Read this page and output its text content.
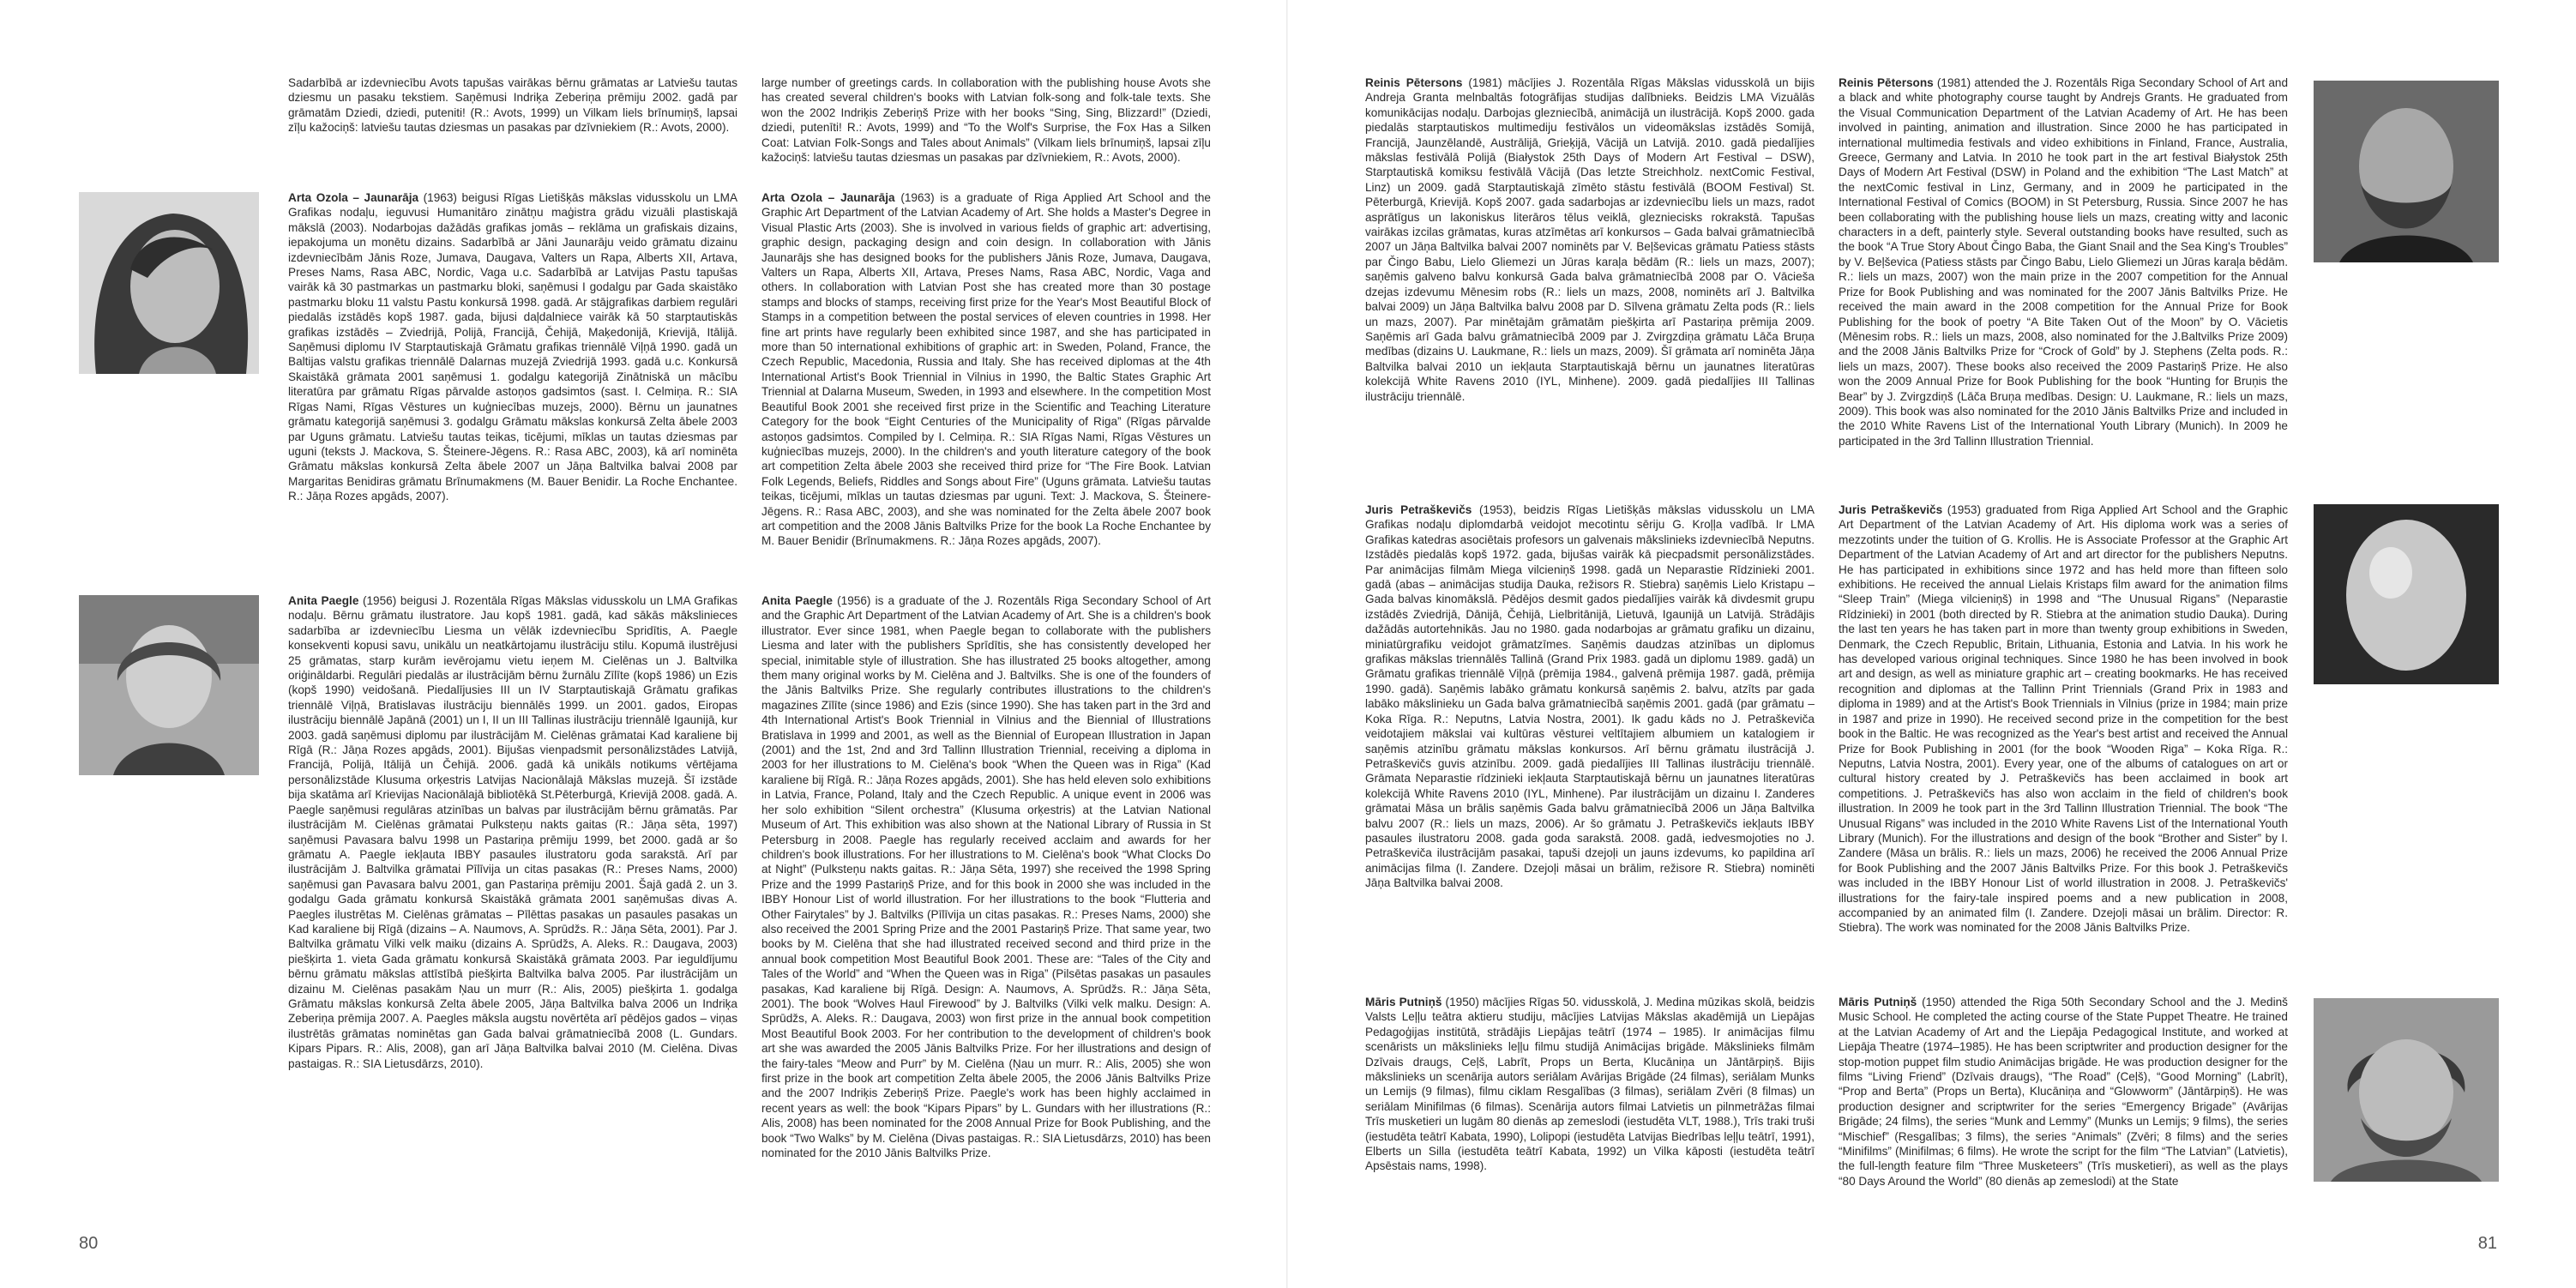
Sadarbībā ar izdevniecību Avots tapušas vairākas bērnu grāmatas ar Latviešu tautas dziesmu un pasaku tekstiem. Saņēmusi Indriķa Zeberiņa prēmiju 2002. gadā par grāmatām Dziedi, dziedi, puteniti! (R.: Avots, 1999) un Vilkam liels brīnumiņš, lapsai zīļu kažociņš: latviešu tautas dziesmas un pasakas par dzīvniekiem (R.: Avots, 2000).

large number of greetings cards. In collaboration with the publishing house Avots she has created several children's books with Latvian folk-song and folk-tale texts. She won the 2002 Indriķis Zeberiņš Prize with her books “Sing, Sing, Blizzard!” (Dziedi, dziedi, putenīti! R.: Avots, 1999) and “To the Wolf's Surprise, the Fox Has a Silken Coat: Latvian Folk-Songs and Tales about Animals” (Vilkam liels brīnumiņš, lapsai zīļu kažociņš: latviešu tautas dziesmas un pasakas par dzīvniekiem, R.: Avots, 2000).

Arta Ozola – Jaunarāja (1963) beigusi Rīgas Lietišķās mākslas vidusskolu un LMA Grafikas nodaļu, ieguvusi Humanitāro zinātņu maģistra grādu vizuāli plastiskajā mākslā (2003). Nodarbojas dažādās grafikas jomās – reklāma un grafiskais dizains, iepakojuma un monētu dizains. Sadarbībā ar Jāni Jaunarāju veido grāmatu dizainu izdevniecībām Jānis Roze, Jumava, Daugava, Valters un Rapa, Alberts XII, Artava, Preses Nams, Rasa ABC, Nordic, Vaga u.c. Sadarbībā ar Latvijas Pastu tapušas vairāk kā 30 pastmarkas un pastmarku bloki, saņēmusi I godalgu par Gada skaistāko pastmarku bloku 11 valstu Pastu konkursā 1998. gadā. Ar stājgrafikas darbiem regulāri piedalās izstādēs kopš 1987. gada, bijusi daļdalniece vairāk kā 50 starptautiskās grafikas izstādēs – Zviedrijā, Polijā, Francijā, Čehijā, Maķedonijā, Krievijā, Itālijā. Saņēmusi diplomu IV Starptautiskajā Grāmatu grafikas triennālē Viļņā 1990. gadā un Baltijas valstu grafikas triennālē Dalarnas muzejā Zviedrijā 1993. gadā u.c. Konkursā Skaistākā grāmata 2001 saņēmusi 1. godalgu kategorijā Zinātniskā un mācību literatūra par grāmatu Rīgas pārvalde astoņos gadsimtos (sast. I. Celmiņa. R.: SIA Rīgas Nami, Rīgas Vēstures un kuģniecības muzejs, 2000). Bērnu un jaunatnes grāmatu kategorijā saņēmusi 3. godalgu Grāmatu mākslas konkursā Zelta ābele 2003 par Uguns grāmatu. Latviešu tautas teikas, ticējumi, mīklas un tautas dziesmas par uguni (teksts J. Mackova, S. Šteinere-Jēgens. R.: Rasa ABC, 2003), kā arī nominēta Grāmatu mākslas konkursā Zelta ābele 2007 un Jāņa Baltvilka balvai 2008 par Margaritas Benidiras grāmatu Brīnumakmens (M. Bauer Benidir. La Roche Enchantee. R.: Jāņa Rozes apgāds, 2007).

Arta Ozola – Jaunarāja (1963) is a graduate of Riga Applied Art School and the Graphic Art Department of the Latvian Academy of Art. She holds a Master's Degree in Visual Plastic Arts (2003). She is involved in various fields of graphic art: advertising, graphic design, packaging design and coin design. In collaboration with Jānis Jaunarājs she has designed books for the publishers Jānis Roze, Jumava, Daugava, Valters un Rapa, Alberts XII, Artava, Preses Nams, Rasa ABC, Nordic, Vaga and others. In collaboration with Latvian Post she has created more than 30 postage stamps and blocks of stamps, receiving first prize for the Year's Most Beautiful Block of Stamps in a competition between the postal services of eleven countries in 1998. Her fine art prints have regularly been exhibited since 1987, and she has participated in more than 50 international exhibitions of graphic art: in Sweden, Poland, France, the Czech Republic, Macedonia, Russia and Italy. She has received diplomas at the 4th International Artist's Book Triennial in Vilnius in 1990, the Baltic States Graphic Art Triennial at Dalarna Museum, Sweden, in 1993 and elsewhere. In the competition Most Beautiful Book 2001 she received first prize in the Scientific and Teaching Literature Category for the book “Eight Centuries of the Municipality of Riga” (Rīgas pārvalde astoņos gadsimtos. Compiled by I. Celmiņa. R.: SIA Rīgas Nami, Rīgas Vēstures un kuģniecības muzejs, 2000). In the children's and youth literature category of the book art competition Zelta ābele 2003 she received third prize for “The Fire Book. Latvian Folk Legends, Beliefs, Riddles and Songs about Fire” (Uguns grāmata. Latviešu tautas teikas, ticējumi, mīklas un tautas dziesmas par uguni. Text: J. Mackova, S. Šteinere-Jēgens. R.: Rasa ABC, 2003), and she was nominated for the Zelta ābele 2007 book art competition and the 2008 Jānis Baltvilks Prize for the book La Roche Enchantee by M. Bauer Benidir (Brīnumakmens. R.: Jāņa Rozes apgāds, 2007).

Anita Paegle (1956) beigusi J. Rozentāla Rīgas Mākslas vidusskolu un LMA Grafikas nodaļu. Bērnu grāmatu ilustratore. Jau kopš 1981. gadā, kad sākās mākslinieces sadarbība ar izdevniecību Liesma un vēlāk izdevniecību Spridītis, A. Paegle konsekventi kopusi savu, unikālu un neatkārtojamu ilustrāciju stilu. Kopumā ilustrējusi 25 grāmatas, starp kurām ievērojamu vietu ieņem M. Cielēnas un J. Baltvilka oriģināldarbi. Regulāri piedalās ar ilustrācijām bērnu žurnālu Zīlīte (kopš 1986) un Ezis (kopš 1990) veidošanā. Piedalījusies III un IV Starptautiskajā Grāmatu grafikas triennālē Viļņā, Bratislavas ilustrāciju biennālēs 1999. un 2001. gados, Eiropas ilustrāciju biennālē Japānā (2001) un I, II un III Tallinas ilustrāciju triennālē Igaunijā, kur 2003. gadā saņēmusi diplomu par ilustrācijām M. Cielēnas grāmatai Kad karaliene bij Rīgā (R.: Jāņa Rozes apgāds, 2001). Bijušas vienpadsmit personālizstādes Latvijā, Francijā, Polijā, Itālijā un Čehijā. 2006. gadā kā unikāls notikums vērtējama personālizstāde Klusuma orķestris Latvijas Nacionālajā Mākslas muzejā. Šī izstāde bija skatāma arī Krievijas Nacionālajā bibliotēkā St.Pēterburgā, Krievijā 2008. gadā. A. Paegle saņēmusi regulāras atzinības un balvas par ilustrācijām bērnu grāmatās. Par ilustrācijām M. Cielēnas grāmatai Pulksteņu nakts gaitas (R.: Jāņa sēta, 1997) saņēmusi Pavasara balvu 1998 un Pastariņa prēmiju 1999, bet 2000. gadā ar šo grāmatu A. Paegle iekļauta IBBY pasaules ilustratoru goda sarakstā. Arī par ilustrācijām J. Baltvilka grāmatai Pīlīvija un citas pasakas (R.: Preses Nams, 2000) saņēmusi gan Pavasara balvu 2001, gan Pastariņa prēmiju 2001. Šajā gadā 2. un 3. godalgu Gada grāmatu konkursā Skaistākā grāmata 2001 saņēmušas divas A. Paegles ilustrētas M. Cielēnas grāmatas – Pīlēttas pasakas un pasaules pasakas un Kad karaliene bij Rīgā (dizains – A. Naumovs, A. Sprūdžs. R.: Jāņa Sēta, 2001). Par J. Baltvilka grāmatu Vilki velk maiku (dizains A. Sprūdžs, A. Aleks. R.: Daugava, 2003) piešķirta 1. vieta Gada grāmatu konkursā Skaistākā grāmata 2003. Par ieguldījumu bērnu grāmatu mākslas attīstībā piešķirta Baltvilka balva 2005. Par ilustrācijām un dizainu M. Cielēnas pasakām Ņau un murr (R.: Alis, 2005) piešķirta 1. godalga Grāmatu mākslas konkursā Zelta ābele 2005, Jāņa Baltvilka balva 2006 un Indriķa Zeberiņa prēmija 2007. A. Paegles māksla augstu novērtēta arī pēdējos gados – viņas ilustrētās grāmatas nominētas gan Gada balvai grāmatniecībā 2008 (L. Gundars. Kipars Pipars. R.: Alis, 2008), gan arī Jāņa Baltvilka balvai 2010 (M. Cielēna. Divas pastaigas. R.: SIA Lietusdārzs, 2010).

Anita Paegle (1956) is a graduate of the J. Rozentāls Riga Secondary School of Art and the Graphic Art Department of the Latvian Academy of Art. She is a children's book illustrator. Ever since 1981, when Paegle began to collaborate with the publishers Liesma and later with the publishers Sprīdītis, she has consistently developed her special, inimitable style of illustration. She has illustrated 25 books altogether, among them many original works by M. Cielēna and J. Baltvilks. She is one of the founders of the Jānis Baltvilks Prize. She regularly contributes illustrations to the children's magazines Zīlīte (since 1986) and Ezis (since 1990). She has taken part in the 3rd and 4th International Artist's Book Triennial in Vilnius and the Biennial of Illustrations Bratislava in 1999 and 2001, as well as the Biennial of European Illustration in Japan (2001) and the 1st, 2nd and 3rd Tallinn Illustration Triennial, receiving a diploma in 2003 for her illustrations to M. Cielēna's book “When the Queen was in Riga” (Kad karaliene bij Rīgā. R.: Jāņa Rozes apgāds, 2001). She has held eleven solo exhibitions in Latvia, France, Poland, Italy and the Czech Republic. A unique event in 2006 was her solo exhibition “Silent orchestra” (Klusuma orķestris) at the Latvian National Museum of Art. This exhibition was also shown at the National Library of Russia in St Petersburg in 2008. Paegle has regularly received acclaim and awards for her children's book illustrations. For her illustrations to M. Cielēna's book “What Clocks Do at Night” (Pulksteņu nakts gaitas. R.: Jāņa Sēta, 1997) she received the 1998 Spring Prize and the 1999 Pastariņš Prize, and for this book in 2000 she was included in the IBBY Honour List of world illustration. For her illustrations to the book “Flutteria and Other Fairytales” by J. Baltvilks (Pīlīvija un citas pasakas. R.: Preses Nams, 2000) she also received the 2001 Spring Prize and the 2001 Pastariņš Prize. That same year, two books by M. Cielēna that she had illustrated received second and third prize in the annual book competition Most Beautiful Book 2001. These are: “Tales of the City and Tales of the World” and “When the Queen was in Riga” (Pilsētas pasakas un pasaules pasakas, Kad karaliene bij Rīgā. Design: A. Naumovs, A. Sprūdžs. R.: Jāņa Sēta, 2001). The book “Wolves Haul Firewood” by J. Baltvilks (Vilki velk malku. Design: A. Sprūdžs, A. Aleks. R.: Daugava, 2003) won first prize in the annual book competition Most Beautiful Book 2003. For her contribution to the development of children's book art she was awarded the 2005 Jānis Baltvilks Prize. For her illustrations and design of the fairy-tales “Meow and Purr” by M. Cielēna (Ņau un murr. R.: Alis, 2005) she won first prize in the book art competition Zelta ābele 2005, the 2006 Jānis Baltvilks Prize and the 2007 Indriķis Zeberiņš Prize. Paegle's work has been highly acclaimed in recent years as well: the book “Kipars Pipars” by L. Gundars with her illustrations (R.: Alis, 2008) has been nominated for the 2008 Annual Prize for Book Publishing, and the book “Two Walks” by M. Cielēna (Divas pastaigas. R.: SIA Lietusdārzs, 2010) has been nominated for the 2010 Jānis Baltvilks Prize.

80

Reinis Pētersons (1981) mācījies J. Rozentāla Rīgas Mākslas vidusskolā un bijis Andreja Granta melnbaltās fotogrāfijas studijas dalībnieks. Beidzis LMA Vizuālās komunikācijas nodaļu. Darbojas glezniecībā, animācijā un ilustrācijā. Kopš 2000. gada piedalās starptautiskos multimediju festivālos un videomākslas izstādēs Somijā, Francijā, Jaunzēlandē, Austrālijā, Grieķijā, Vācijā un Latvijā. 2010. gadā piedalījies mākslas festivālā Polijā (Białystok 25th Days of Modern Art Festival – DSW), Starptautiskā komiksu festivālā Vācijā (Das letzte Streichholz. nextComic Festival, Linz) un 2009. gadā Starptautiskajā zīmēto stāstu festivālā (BOOM Festival) St. Pēterburgā, Krievijā. Kopš 2007. gada sadarbojas ar izdevniecību liels un mazs, radot asprātīgus un lakoniskus literāros tēlus veiklā, glezniecisks rokrakstā. Tapušas vairākas izcilas grāmatas, kuras atzīmētas arī konkursos – Gada balvai grāmatniecībā 2007 un Jāņa Baltvilka balvai 2007 nominēts par V. Beļševicas grāmatu Patiess stāsts par Čingo Babu, Lielo Gliemezi un Jūras karaļa bēdām (R.: liels un mazs, 2007); saņēmis galveno balvu konkursā Gada balva grāmatniecībā 2008 par O. Vācieša dzejas izdevumu Mēnesim robs (R.: liels un mazs, 2008, nominēts arī J. Baltvilka balvai 2009) un Jāņa Baltvilka balvu 2008 par D. Sīlvena grāmatu Zelta pods (R.: liels un mazs, 2007). Par minētajām grāmatām piešķirta arī Pastariņa prēmija 2009. Saņēmis arī Gada balvu grāmatniecībā 2009 par J. Zvirgzdiņa grāmatu Lāča Bruņa medības (dizains U. Laukmane, R.: liels un mazs, 2009). Šī grāmata arī nominēta Jāņa Baltvilka balvai 2010 un iekļauta Starptautiskajā bērnu un jaunatnes literatūras kolekcijā White Ravens 2010 (IYL, Minhene). 2009. gadā piedalījies III Tallinas ilustrāciju triennālē.

Reinis Pētersons (1981) attended the J. Rozentāls Riga Secondary School of Art and a black and white photography course taught by Andrejs Grants. He graduated from the Visual Communication Department of the Latvian Academy of Art. He has been involved in painting, animation and illustration. Since 2000 he has participated in international multimedia festivals and video exhibitions in Finland, France, Australia, Greece, Germany and Latvia. In 2010 he took part in the art festival Białystok 25th Days of Modern Art Festival (DSW) in Poland and the exhibition “The Last Match” at the nextComic festival in Linz, Germany, and in 2009 he participated in the International Festival of Comics (BOOM) in St Petersburg, Russia. Since 2007 he has been collaborating with the publishing house liels un mazs, creating witty and laconic characters in a deft, painterly style. Several outstanding books have resulted, such as the book “A True Story About Čingo Baba, the Giant Snail and the Sea King's Troubles” by V. Beļševica (Patiess stāsts par Čingo Babu, Lielo Gliemezi un Jūras karaļa bēdām. R.: liels un mazs, 2007) won the main prize in the 2007 competition for the Annual Prize for Book Publishing and was nominated for the 2007 Jānis Baltvilks Prize. He received the main award in the 2008 competition for the Annual Prize for Book Publishing for the book of poetry “A Bite Taken Out of the Moon” by O. Vācietis (Mēnesim robs. R.: liels un mazs, 2008, also nominated for the J.Baltvilks Prize 2009) and the 2008 Jānis Baltvilks Prize for “Crock of Gold” by J. Stephens (Zelta pods. R.: liels un mazs, 2007). These books also received the 2009 Pastariņš Prize. He also won the 2009 Annual Prize for Book Publishing for the book “Hunting for Bruņis the Bear” by J. Zvirgzdiņš (Lāča Bruņa medības. Design: U. Laukmane, R.: liels un mazs, 2009). This book was also nominated for the 2010 Jānis Baltvilks Prize and included in the 2010 White Ravens List of the International Youth Library (Munich). In 2009 he participated in the 3rd Tallinn Illustration Triennial.

Juris Petraškevičs (1953), beidzis Rīgas Lietišķās mākslas vidusskolu un LMA Grafikas nodaļu diplomdarbā veidojot mecotintu sēriju G. Kroļļa vadībā. Ir LMA Grafikas katedras asociētais profesors un galvenais mākslinieks izdevniecībā Neputns. Izstādēs piedalās kopš 1972. gada, bijušas vairāk kā piecpadsmit personālizstādes. Par animācijas filmām Miega vilcieniņš 1998. gadā un Neparastie Rīdzinieki 2001. gadā (abas – animācijas studija Dauka, režisors R. Stiebra) saņēmis Lielo Kristapu – Gada balvas kinomākslā. Pēdējos desmit gados piedalījies vairāk kā divdesmit grupu izstādēs Zviedrijā, Dānijā, Čehijā, Lielbritānijā, Lietuvā, Igaunijā un Latvijā. Strādājis dažādās autortehnikās. Jau no 1980. gada nodarbojas ar grāmatu grafiku un dizainu, miniatūrgrafiku veidojot grāmatzīmes. Saņēmis daudzas atzinības un diplomus grafikas mākslas triennālēs Tallinā (Grand Prix 1983. gadā un diplomu 1989. gadā) un Grāmatu grafikas triennālē Viļņā (prēmija 1984., galvenā prēmija 1987. gadā, prēmija 1990. gadā). Saņēmis labāko grāmatu konkursā saņēmis 2. balvu, atzīts par gada labāko mākslinieku un Gada balva grāmatniecībā saņēmis 2001. gadā (par grāmatu – Koka Rīga. R.: Neputns, Latvia Nostra, 2001). Ik gadu kāds no J. Petraškeviča veidotajiem mākslai vai kultūras vēsturei veltītajiem albumiem un katalogiem ir saņēmis atzinību grāmatu mākslas konkursos. Arī bērnu grāmatu ilustrācijā J. Petraškevičs guvis atzinību. 2009. gadā piedalījies III Tallinas ilustrāciju triennālē. Grāmata Neparastie rīdzinieki iekļauta Starptautiskajā bērnu un jaunatnes literatūras kolekcijā White Ravens 2010 (IYL, Minhene). Par ilustrācijām un dizainu I. Zanderes grāmatai Māsa un brālis saņēmis Gada balvu grāmatniecībā 2006 un Jāņa Baltvilka balvu 2007 (R.: liels un mazs, 2006). Ar šo grāmatu J. Petraškevičs iekļauts IBBY pasaules ilustratoru 2008. gada goda sarakstā. 2008. gadā, iedvesmojoties no J. Petraškeviča ilustrācijām pasakai, tapuši dzejoļi un jauns izdevums, ko papildina arī animācijas filma (I. Zandere. Dzejoļi māsai un brālim, režisore R. Stiebra) nominēti Jāņa Baltvilka balvai 2008.

Juris Petraškevičs (1953) graduated from Riga Applied Art School and the Graphic Art Department of the Latvian Academy of Art. His diploma work was a series of mezzotints under the tuition of G. Krollis. He is Associate Professor at the Graphic Art Department of the Latvian Academy of Art and art director for the publishers Neputns. He has participated in exhibitions since 1972 and has held more than fifteen solo exhibitions. He received the annual Lielais Kristaps film award for the animation films “Sleep Train” (Miega vilcieniņš) in 1998 and “The Unusual Rigans” (Neparastie Rīdzinieki) in 2001 (both directed by R. Stiebra at the animation studio Dauka). During the last ten years he has taken part in more than twenty group exhibitions in Sweden, Denmark, the Czech Republic, Britain, Lithuania, Estonia and Latvia. In his work he has developed various original techniques. Since 1980 he has been involved in book art and design, as well as miniature graphic art – creating bookmarks. He has received recognition and diplomas at the Tallinn Print Triennials (Grand Prix in 1983 and diploma in 1989) and at the Artist's Book Triennials in Vilnius (prize in 1984; main prize in 1987 and prize in 1990). He received second prize in the competition for the best book in the Baltic. He was recognized as the Year's best artist and received the Annual Prize for Book Publishing in 2001 (for the book “Wooden Riga” – Koka Rīga. R.: Neputns, Latvia Nostra, 2001). Every year, one of the albums of catalogues on art or cultural history created by J. Petraškevičs has been acclaimed in book art competitions. J. Petraškevičs has also won acclaim in the field of children's book illustration. In 2009 he took part in the 3rd Tallinn Illustration Triennial. The book “The Unusual Rigans” was included in the 2010 White Ravens List of the International Youth Library (Munich). For the illustrations and design of the book “Brother and Sister” by I. Zandere (Māsa un brālis. R.: liels un mazs, 2006) he received the 2006 Annual Prize for Book Publishing and the 2007 Jānis Baltvilks Prize. For this book J. Petraškevičs was included in the IBBY Honour List of world illustration in 2008. J. Petraškevičs' illustrations for the fairy-tale inspired poems and a new publication in 2008, accompanied by an animated film (I. Zandere. Dzejoļi māsai un brālim. Director: R. Stiebra). The work was nominated for the 2008 Jānis Baltvilks Prize.

Māris Putniņš (1950) mācījies Rīgas 50. vidusskolā, J. Medina mūzikas skolā, beidzis Valsts Leļļu teātra aktieru studiju, mācījies Latvijas Mākslas akadēmijā un Liepājas Pedagoģijas institūtā, strādājis Liepājas teātrī (1974 – 1985). Ir animācijas filmu scenārists un mākslinieks leļļu filmu studijā Animācijas brigāde. Mākslinieks filmām Dzīvais draugs, Ceļš, Labrīt, Props un Berta, Klucāniņa un Jāntārpiņš. Bijis mākslinieks un scenārija autors seriālam Avārijas Brigāde (24 filmas), seriālam Munks un Lemijs (9 filmas), filmu ciklam Resgalības (3 filmas), seriālam Zvēri (8 filmas) un seriālam Minifilmas (6 filmas). Scenārija autors filmai Latvietis un pilnmetrāžas filmai Trīs musketieri un lugām 80 dienās ap zemeslodi (iestudēta VLT, 1988.), Trīs traki truši (iestudēta teātrī Kabata, 1990), Lolipopi (iestudēta Latvijas Biedrības leļļu teātrī, 1991), Elberts un Silla (iestudēta teātrī Kabata, 1992) un Vilka kāposti (iestudēta teātrī Apsēstais nams, 1998).

Māris Putniņš (1950) attended the Riga 50th Secondary School and the J. Medinš Music School. He completed the acting course of the State Puppet Theatre. He trained at the Latvian Academy of Art and the Liepāja Pedagogical Institute, and worked at Liepāja Theatre (1974–1985). He has been scriptwriter and production designer for the stop-motion puppet film studio Animācijas brigāde. He was production designer for the films “Living Friend” (Dzīvais draugs), “The Road” (Ceļš), “Good Morning” (Labrīt), “Prop and Berta” (Props un Berta), Klucāniņa and “Glowworm” (Jāntārpiņš). He was production designer and scriptwriter for the series “Emergency Brigade” (Avārijas Brigāde; 24 films), the series “Munk and Lemmy” (Munks un Lemijs; 9 films), the series “Mischief” (Resgalības; 3 films), the series “Animals” (Zvēri; 8 films) and the series “Minifilms” (Minifilmas; 6 films). He wrote the script for the film “The Latvian” (Latvietis), the full-length feature film “Three Musketeers” (Trīs musketieri), as well as the plays “80 Days Around the World” (80 dienās ap zemeslodi) at the State

81
